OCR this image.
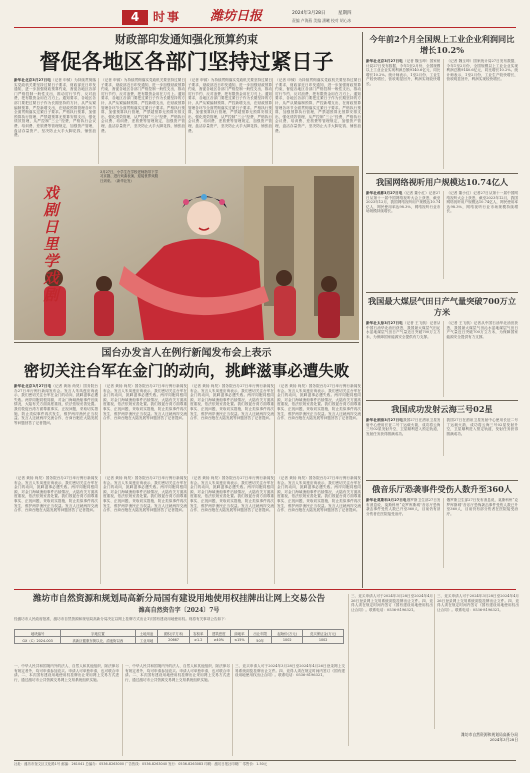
4	时事 潍坊日报	2024年3月28日	星期四
责编 卢海燕 美编 潘曦 校对 胡心冰
财政部印发通知强化预算约束
督促各地区各部门坚持过紧日子
新华社北京3月27日电（记者 申铖）为持续贯彻落实党政机关要坚持过紧日子要求，财政部近日印发通知，进一步加强财政预算约束，督促各地区各部门严格控制一般性支出，推动厉行节约、反对浪费，把有限资金用在刀刃上。通知要求，各地区各部门要把过紧日子作为长期坚持的方针，从严从紧编制预算，严控新增支出，在财政预算管理各环节全面贯彻落实过紧日子要求。严格执行预算，加强预算执行管理，严禁超预算无预算安排支出，强化绩效管理，从严控制“三公”经费，严格执行会议费、培训费、差旅费等管理规定，加强资产管理，盘活存量资产，坚决防止大手大脚花钱、铺张浪费。
（记者 申铖）为持续贯彻落实党政机关要坚持过紧日子要求，财政部近日印发通知，进一步加强财政预算约束，督促各地区各部门严格控制一般性支出，推动厉行节约、反对浪费，把有限资金用在刀刃上。通知要求，各地区各部门要把过紧日子作为长期坚持的方针，从严从紧编制预算，严控新增支出，在财政预算管理各环节全面贯彻落实过紧日子要求。严格执行预算，加强预算执行管理，严禁超预算无预算安排支出，强化绩效管理，从严控制“三公”经费，严格执行会议费、培训费、差旅费等管理规定，加强资产管理，盘活存量资产，坚决防止大手大脚花钱、铺张浪费。
（记者 申铖）为持续贯彻落实党政机关要坚持过紧日子要求，财政部近日印发通知，进一步加强财政预算约束，督促各地区各部门严格控制一般性支出，推动厉行节约、反对浪费，把有限资金用在刀刃上。通知要求，各地区各部门要把过紧日子作为长期坚持的方针，从严从紧编制预算，严控新增支出，在财政预算管理各环节全面贯彻落实过紧日子要求。严格执行预算，加强预算执行管理，严禁超预算无预算安排支出，强化绩效管理，从严控制“三公”经费，严格执行会议费、培训费、差旅费等管理规定，加强资产管理，盘活存量资产，坚决防止大手大脚花钱、铺张浪费。
（记者 申铖）为持续贯彻落实党政机关要坚持过紧日子要求，财政部近日印发通知，进一步加强财政预算约束，督促各地区各部门严格控制一般性支出，推动厉行节约、反对浪费，把有限资金用在刀刃上。通知要求，各地区各部门要把过紧日子作为长期坚持的方针，从严从紧编制预算，严控新增支出，在财政预算管理各环节全面贯彻落实过紧日子要求。严格执行预算，加强预算执行管理，严禁超预算无预算安排支出，强化绩效管理，从严控制“三公”经费，严格执行会议费、培训费、差旅费等管理规定，加强资产管理，盘活存量资产，坚决防止大手大脚花钱、铺张浪费。
戏剧日里学戏剧
3月27日，小学生在学校老师指导下学习京剧、进行戏曲表演，迎接世界戏剧日到来。（新华社发）
国台办发言人在例行新闻发布会上表示
密切关注台军在金门的动向，挑衅滋事必遭失败
新华社北京3月27日电（记者 黄扬 尚昊）国务院台办27日举行例行新闻发布会。发言人朱凤莲应询表示，我们密切关注台军在金门的动向，挑衅滋事必遭失败。两岸同胞同根同源，对金门海域渔船事件后续情况，大陆有关方面高度重视，依法依规妥善处置。我们敦促台湾方面尊重事实、正视问题，采取切实措施，防止类似事件再次发生，维护两岸渔民正当权益。发言人还就两岸交流合作、台商台胞在大陆发展等问题回答了记者提问。
（记者 黄扬 尚昊）国务院台办27日举行例行新闻发布会。发言人朱凤莲应询表示，我们密切关注台军在金门的动向，挑衅滋事必遭失败。两岸同胞同根同源，对金门海域渔船事件后续情况，大陆有关方面高度重视，依法依规妥善处置。我们敦促台湾方面尊重事实、正视问题，采取切实措施，防止类似事件再次发生，维护两岸渔民正当权益。发言人还就两岸交流合作、台商台胞在大陆发展等问题回答了记者提问。
（记者 黄扬 尚昊）国务院台办27日举行例行新闻发布会。发言人朱凤莲应询表示，我们密切关注台军在金门的动向，挑衅滋事必遭失败。两岸同胞同根同源，对金门海域渔船事件后续情况，大陆有关方面高度重视，依法依规妥善处置。我们敦促台湾方面尊重事实、正视问题，采取切实措施，防止类似事件再次发生，维护两岸渔民正当权益。发言人还就两岸交流合作、台商台胞在大陆发展等问题回答了记者提问。
（记者 黄扬 尚昊）国务院台办27日举行例行新闻发布会。发言人朱凤莲应询表示，我们密切关注台军在金门的动向，挑衅滋事必遭失败。两岸同胞同根同源，对金门海域渔船事件后续情况，大陆有关方面高度重视，依法依规妥善处置。我们敦促台湾方面尊重事实、正视问题，采取切实措施，防止类似事件再次发生，维护两岸渔民正当权益。发言人还就两岸交流合作、台商台胞在大陆发展等问题回答了记者提问。
（记者 黄扬 尚昊）国务院台办27日举行例行新闻发布会。发言人朱凤莲应询表示，我们密切关注台军在金门的动向，挑衅滋事必遭失败。两岸同胞同根同源，对金门海域渔船事件后续情况，大陆有关方面高度重视，依法依规妥善处置。我们敦促台湾方面尊重事实、正视问题，采取切实措施，防止类似事件再次发生，维护两岸渔民正当权益。发言人还就两岸交流合作、台商台胞在大陆发展等问题回答了记者提问。
（记者 黄扬 尚昊）国务院台办27日举行例行新闻发布会。发言人朱凤莲应询表示，我们密切关注台军在金门的动向，挑衅滋事必遭失败。两岸同胞同根同源，对金门海域渔船事件后续情况，大陆有关方面高度重视，依法依规妥善处置。我们敦促台湾方面尊重事实、正视问题，采取切实措施，防止类似事件再次发生，维护两岸渔民正当权益。发言人还就两岸交流合作、台商台胞在大陆发展等问题回答了记者提问。
（记者 黄扬 尚昊）国务院台办27日举行例行新闻发布会。发言人朱凤莲应询表示，我们密切关注台军在金门的动向，挑衅滋事必遭失败。两岸同胞同根同源，对金门海域渔船事件后续情况，大陆有关方面高度重视，依法依规妥善处置。我们敦促台湾方面尊重事实、正视问题，采取切实措施，防止类似事件再次发生，维护两岸渔民正当权益。发言人还就两岸交流合作、台商台胞在大陆发展等问题回答了记者提问。
（记者 黄扬 尚昊）国务院台办27日举行例行新闻发布会。发言人朱凤莲应询表示，我们密切关注台军在金门的动向，挑衅滋事必遭失败。两岸同胞同根同源，对金门海域渔船事件后续情况，大陆有关方面高度重视，依法依规妥善处置。我们敦促台湾方面尊重事实、正视问题，采取切实措施，防止类似事件再次发生，维护两岸渔民正当权益。发言人还就两岸交流合作、台商台胞在大陆发展等问题回答了记者提问。
今年前2个月全国规上工业企业利润同比增长10.2%
新华社北京3月27日电（记者 魏玉坤）国家统计局27日发布数据，今年1至2月份，全国规模以上工业企业实现利润总额9140.6亿元，同比增长10.2%。统计师表示，1至2月份，工业生产较快增长，营收明显回升，利润实现较快增长。
（记者 魏玉坤）国家统计局27日发布数据，今年1至2月份，全国规模以上工业企业实现利润总额9140.6亿元，同比增长10.2%。统计师表示，1至2月份，工业生产较快增长，营收明显回升，利润实现较快增长。
我国网络视听用户规模达10.74亿人
新华社成都3月27日电（记者 董小红）记者27日从第十一届中国网络视听大会上获悉，截至2023年12月，我国网络视听用户规模达10.74亿人，网民使用率达98.3%，网络视听行业市场规模持续增长。
（记者 董小红）记者27日从第十一届中国网络视听大会上获悉，截至2023年12月，我国网络视听用户规模达10.74亿人，网民使用率达98.3%，网络视听行业市场规模持续增长。
我国最大煤层气田日产气量突破700万立方米
新华社太原3月27日电（记者 王飞航）记者从中国石油华北油田获悉，我国最大煤层气田沁水盆地煤层气田日产气量近日突破700万立方米，为保障国家能源安全提供有力支撑。
（记者 王飞航）记者从中国石油华北油田获悉，我国最大煤层气田沁水盆地煤层气田日产气量近日突破700万立方米，为保障国家能源安全提供有力支撑。
我国成功发射云海三号02星
新华社酒泉3月27日电我国27日在酒泉卫星发射中心使用长征二号丁运载火箭，成功将云海三号02星发射升空，卫星顺利进入预定轨道，发射任务获得圆满成功。
我国27日在酒泉卫星发射中心使用长征二号丁运载火箭，成功将云海三号02星发射升空，卫星顺利进入预定轨道，发射任务获得圆满成功。
俄音乐厅恐袭事件受伤人数升至360人
新华社莫斯科3月27日电俄罗斯卫生部27日发布消息说，莫斯科州“克罗库斯城”音乐厅恐怖袭击事件受伤人数已升至360人，目前仍有部分伤者在医院接受治疗。
俄罗斯卫生部27日发布消息说，莫斯科州“克罗库斯城”音乐厅恐怖袭击事件受伤人数已升至360人，目前仍有部分伤者在医院接受治疗。
潍坊市自然资源和规划局高新分局国有建设用地使用权挂牌出让网上交易公告
潍高自然资告字〔2024〕7号
经潍坊市人民政府批准，潍坊市自然资源和规划局高新分局决定以网上挂牌方式出让1宗国有建设用地使用权。现将有关事项公告如下：
地块编号	宗地位置	土地用途	面积(平方米)	容积率	建筑密度	绿地率	出让年限	起始价(万元)	竞买保证金(万元)
GX（C）2024-003	高新区健康东街以北、清池街以西	工业用地	20667	≥1.2	≥40%	≤15%	50年	1002	1002
一、中华人民共和国境内外的法人、自然人和其他组织，除法律另有规定者外，均可申请参加竞买。申请人可单独申请，也可联合申请。二、本次国有建设用地使用权挂牌出让采用网上交易方式进行，通过潍坊市公共资源交易网上交易系统组织实施。
一、中华人民共和国境内外的法人、自然人和其他组织，除法律另有规定者外，均可申请参加竞买。申请人可单独申请，也可联合申请。二、本次国有建设用地使用权挂牌出让采用网上交易方式进行，通过潍坊市公共资源交易网上交易系统组织实施。
三、竞买申请人可于2024年3月28日至2024年4月26日登录网上交易系统浏览挂牌出让文件。四、竞得人须在规定时间内签订《国有建设用地使用权出让合同》。联系电话：0536-8196321。
三、竞买申请人可于2024年3月28日至2024年4月26日登录网上交易系统浏览挂牌出让文件。四、竞得人须在规定时间内签订《国有建设用地使用权出让合同》。联系电话：0536-8196321。
三、竞买申请人可于2024年3月28日至2024年4月26日登录网上交易系统浏览挂牌出让文件。四、竞得人须在规定时间内签订《国有建设用地使用权出让合同》。联系电话：0536-8196321。
潍坊市自然资源和规划局高新分局
2024年3月28日
社址：潍坊市奎文区文化路1号 邮编：261041 总编办：0536-8263000 广告热线：0536-8263040 发行：0536-8263083 印刷：潍坊日报社印刷厂 零售价：1.50元
